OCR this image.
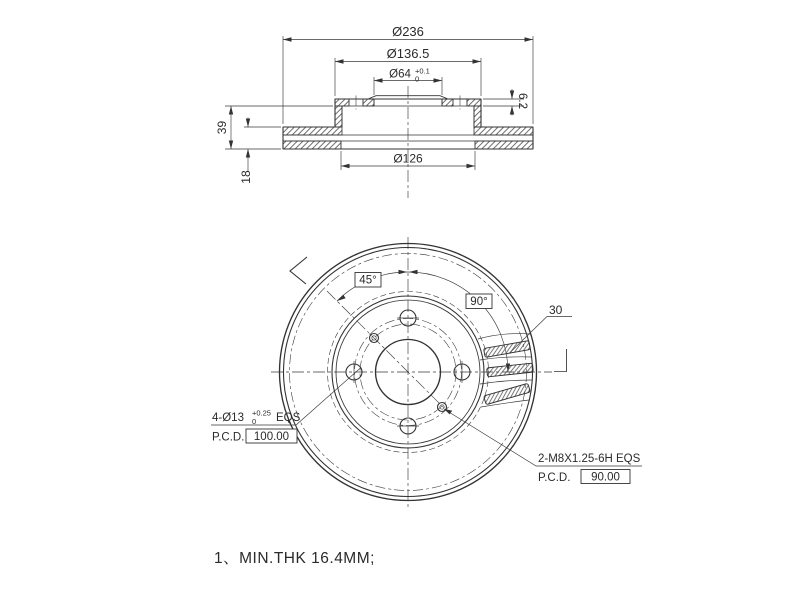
Ø236
Ø136.5
Ø64 +0.1
0
Ø126
39
18
6.2
45°
90°
30
4-Ø13 +0.25
0 EQS
P.C.D. 100.00
2-M8X1.25-6H EQS
P.C.D. 90.00
1、MIN.THK 16.4MM;
